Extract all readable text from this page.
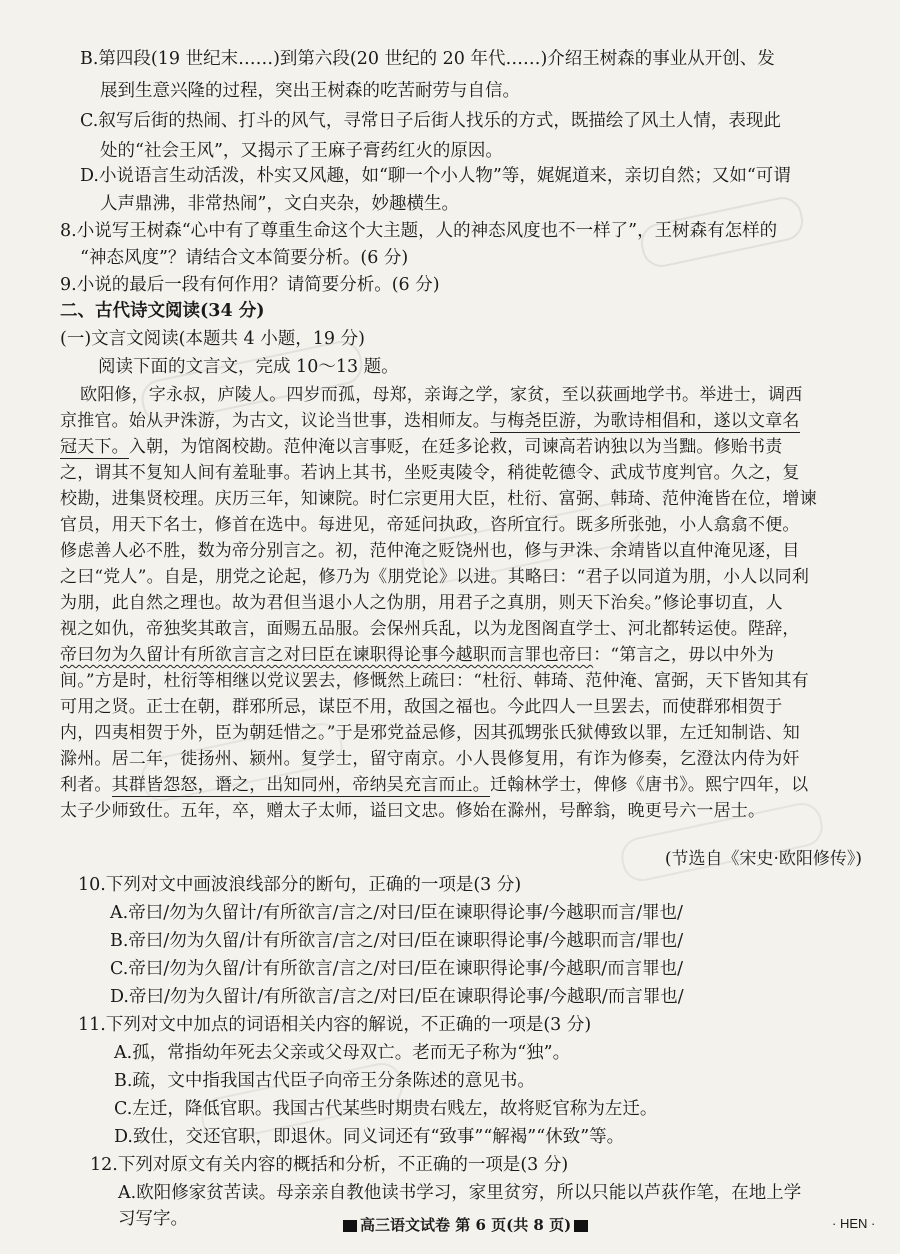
B.第四段(19 世纪末……)到第六段(20 世纪的 20 年代……)介绍王树森的事业从开创、发
展到生意兴隆的过程，突出王树森的吃苦耐劳与自信。
C.叙写后街的热闹、打斗的风气，寻常日子后街人找乐的方式，既描绘了风土人情，表现此
处的“社会王风”，又揭示了王麻子膏药红火的原因。
D.小说语言生动活泼，朴实又风趣，如“聊一个小人物”等，娓娓道来，亲切自然；又如“可谓
人声鼎沸，非常热闹”，文白夹杂，妙趣横生。
8.小说写王树森“心中有了尊重生命这个大主题，人的神态风度也不一样了”，王树森有怎样的
“神态风度”？请结合文本简要分析。(6 分)
9.小说的最后一段有何作用？请简要分析。(6 分)
二、古代诗文阅读(34 分)
(一)文言文阅读(本题共 4 小题，19 分)
阅读下面的文言文，完成 10～13 题。
欧阳修，字永叔，庐陵人。四岁而孤，母郑，亲诲之学，家贫，至以荻画地学书。举进士，调西
京推官。始从尹洙游，为古文，议论当世事，迭相师友。与梅尧臣游，为歌诗相倡和，遂以文章名
冠天下。入朝，为馆阁校勘。范仲淹以言事贬，在廷多论救，司谏高若讷独以为当黜。修贻书责
之，谓其不复知人间有羞耻事。若讷上其书，坐贬夷陵令，稍徙乾德令、武成节度判官。久之，复
校勘，进集贤校理。庆历三年，知谏院。时仁宗更用大臣，杜衍、富弼、韩琦、范仲淹皆在位，增谏
官员，用天下名士，修首在选中。每进见，帝延问执政，咨所宜行。既多所张弛，小人翕翕不便。
修虑善人必不胜，数为帝分别言之。初，范仲淹之贬饶州也，修与尹洙、余靖皆以直仲淹见逐，目
之曰“党人”。自是，朋党之论起，修乃为《朋党论》以进。其略曰：“君子以同道为朋，小人以同利
为朋，此自然之理也。故为君但当退小人之伪朋，用君子之真朋，则天下治矣。”修论事切直，人
视之如仇，帝独奖其敢言，面赐五品服。会保州兵乱，以为龙图阁直学士、河北都转运使。陛辞，
帝曰勿为久留计有所欲言言之对曰臣在谏职得论事今越职而言罪也帝曰：“第言之，毋以中外为
间。”方是时，杜衍等相继以党议罢去，修慨然上疏曰：“杜衍、韩琦、范仲淹、富弼，天下皆知其有
可用之贤。正士在朝，群邪所忌，谋臣不用，敌国之福也。今此四人一旦罢去，而使群邪相贺于
内，四夷相贺于外，臣为朝廷惜之。”于是邪党益忌修，因其孤甥张氏狱傅致以罪，左迁知制诰、知
滁州。居二年，徙扬州、颍州。复学士，留守南京。小人畏修复用，有诈为修奏，乞澄汰内侍为奸
利者。其群皆怨怒，谮之，出知同州，帝纳吴充言而止。迁翰林学士，俾修《唐书》。熙宁四年，以
太子少师致仕。五年，卒，赠太子太师，谥曰文忠。修始在滁州，号醉翁，晚更号六一居士。
(节选自《宋史·欧阳修传》)
10.下列对文中画波浪线部分的断句，正确的一项是(3 分)
A.帝曰/勿为久留计/有所欲言/言之/对曰/臣在谏职得论事/今越职而言/罪也/
B.帝曰/勿为久留/计有所欲言/言之/对曰/臣在谏职得论事/今越职而言/罪也/
C.帝曰/勿为久留/计有所欲言/言之/对曰/臣在谏职得论事/今越职/而言罪也/
D.帝曰/勿为久留计/有所欲言/言之/对曰/臣在谏职得论事/今越职/而言罪也/
11.下列对文中加点的词语相关内容的解说，不正确的一项是(3 分)
A.孤，常指幼年死去父亲或父母双亡。老而无子称为“独”。
B.疏，文中指我国古代臣子向帝王分条陈述的意见书。
C.左迁，降低官职。我国古代某些时期贵右贱左，故将贬官称为左迁。
D.致仕，交还官职，即退休。同义词还有“致事”“解褐”“休致”等。
12.下列对原文有关内容的概括和分析，不正确的一项是(3 分)
A.欧阳修家贫苦读。母亲亲自教他读书学习，家里贫穷，所以只能以芦荻作笔，在地上学
习写字。	高三语文试卷 第 6 页(共 8 页)	· HEN ·
